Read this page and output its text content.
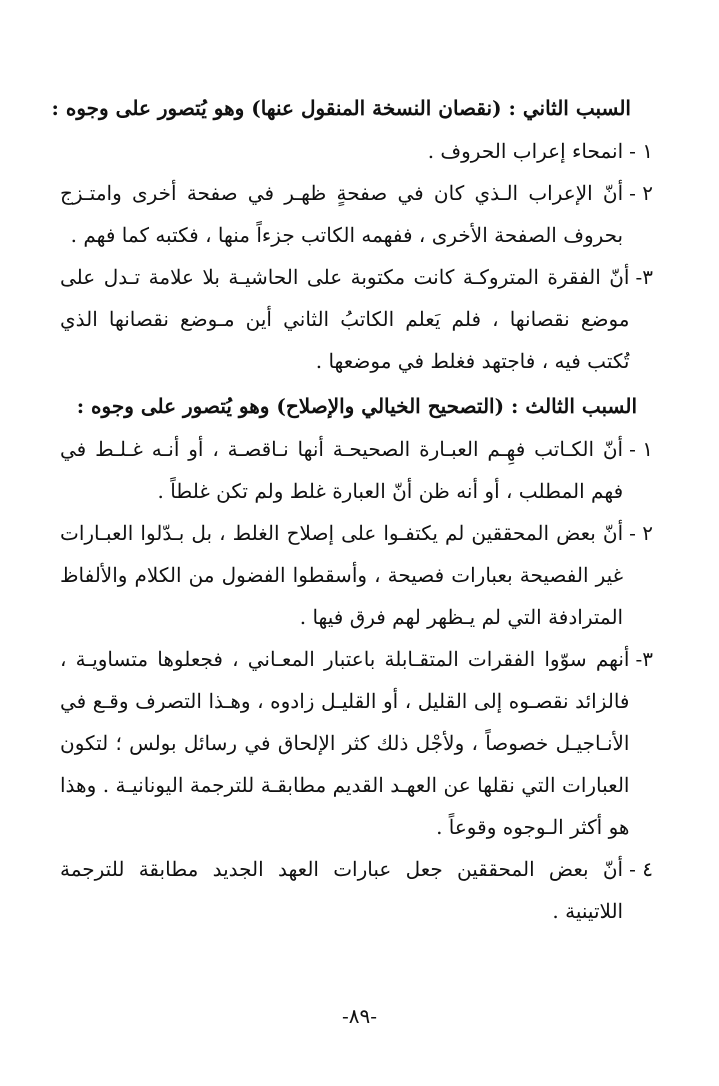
السبب الثاني : (نقصان النسخة المنقول عنها) وهو يُتصور على وجوه :
١ -
انمحاء إعراب الحروف .
٢ -
أنّ الإعراب الـذي كان في صفحةٍ ظهـر في صفحة أخرى وامتـزج بحروف الصفحة الأخرى ، ففهمه الكاتب جزءاً منها ، فكتبه كما فهم .
٣-
أنّ الفقرة المتروكـة كانت مكتوبة على الحاشيـة بلا علامة تـدل على موضع نقصانها ، فلم يَعلم الكاتبُ الثاني أين مـوضع نقصانها الذي تُكتب فيه ، فاجتهد فغلط في موضعها .
السبب الثالث : (التصحيح الخيالي والإصلاح) وهو يُتصور على وجوه :
١ -
أنّ الكـاتب فهِـم العبـارة الصحيحـة أنها نـاقصـة ، أو أنـه غـلـط في فهم المطلب ، أو أنه ظن أنّ العبارة غلط ولم تكن غلطاً .
٢ -
أنّ بعض المحققين لم يكتفـوا على إصلاح الغلط ، بل بـدّلوا العبـارات غير الفصيحة بعبارات فصيحة ، وأسقطوا الفضول من الكلام والألفاظ المترادفة التي لم يـظهر لهم فرق فيها .
٣-
أنهم سوّوا الفقرات المتقـابلة باعتبار المعـاني ، فجعلوها متساويـة ، فالزائد نقصـوه إلى القليل ، أو القليـل زادوه ، وهـذا التصرف وقـع في الأنـاجيـل خصوصاً ، ولأجْل ذلك كثر الإلحاق في رسائل بولس ؛ لتكون العبارات التي نقلها عن العهـد القديم مطابقـة للترجمة اليونانيـة . وهذا هو أكثر الـوجوه وقوعاً .
٤ -
أنّ بعض المحققين جعل عبارات العهد الجديد مطابقة للترجمة اللاتينية .
-٨٩-
